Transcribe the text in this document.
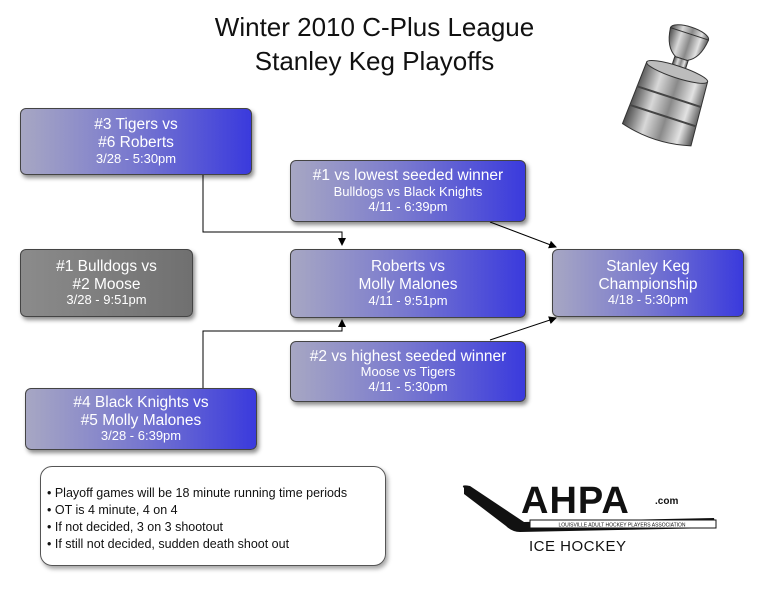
Winter 2010 C-Plus League
Stanley Keg Playoffs
#3 Tigers vs
#6 Roberts
3/28 - 5:30pm
#1 Bulldogs vs
#2 Moose
3/28 - 9:51pm
#4 Black Knights vs
#5 Molly Malones
3/28 - 6:39pm
#1 vs lowest seeded winner
Bulldogs vs Black Knights
4/11 - 6:39pm
Roberts vs
Molly Malones
4/11 - 9:51pm
#2 vs highest seeded winner
Moose vs Tigers
4/11 - 5:30pm
Stanley Keg
Championship
4/18 - 5:30pm
• Playoff games will be 18 minute running time periods
• OT is 4 minute, 4 on 4
• If not decided, 3 on 3 shootout
• If still not decided, sudden death shoot out
LOUISVILLE ADULT HOCKEY PLAYERS ASSOCIATION
AHPA	.com
ICE HOCKEY
